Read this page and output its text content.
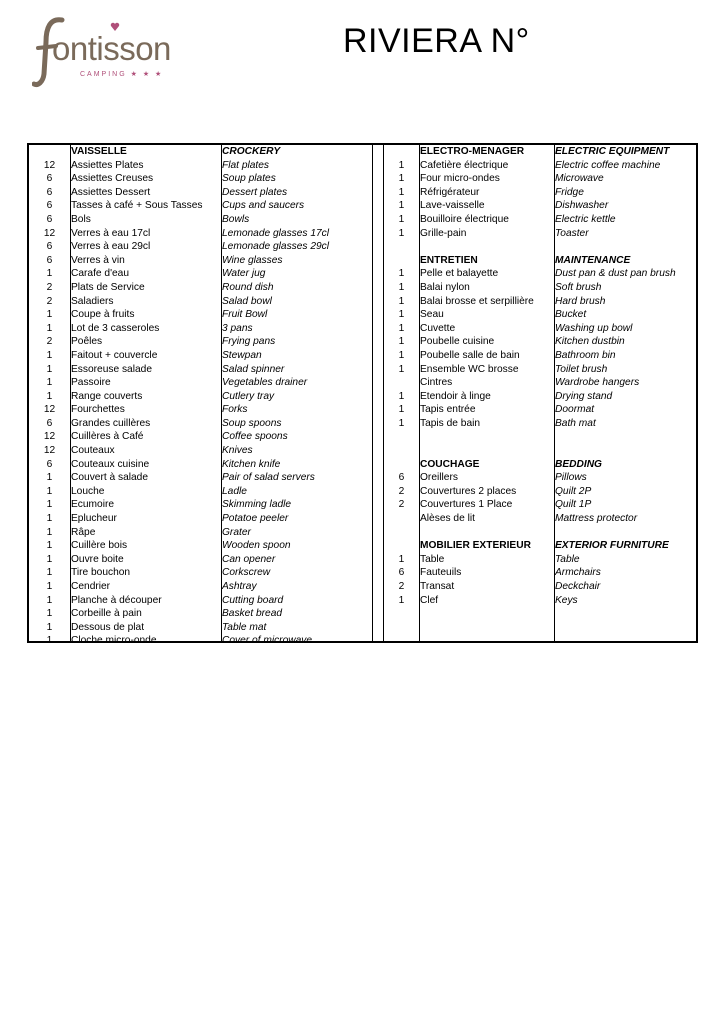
ontisson
CAMPING ★ ★ ★
RIVIERA N°
VAISSELLE	CROCKERY
12	Assiettes Plates	Flat plates
6	Assiettes Creuses	Soup plates
6	Assiettes Dessert	Dessert plates
6	Tasses à café + Sous Tasses	Cups and saucers
6	Bols	Bowls
12	Verres à eau 17cl	Lemonade glasses 17cl
6	Verres à eau 29cl	Lemonade glasses 29cl
6	Verres à vin	Wine glasses
1	Carafe d'eau	Water jug
2	Plats de Service	Round dish
2	Saladiers	Salad bowl
1	Coupe à fruits	Fruit Bowl
1	Lot de 3 casseroles	3 pans
2	Poêles	Frying pans
1	Faitout + couvercle	Stewpan
1	Essoreuse salade	Salad spinner
1	Passoire	Vegetables drainer
1	Range couverts	Cutlery tray
12	Fourchettes	Forks
6	Grandes cuillères	Soup spoons
12	Cuillères à Café	Coffee spoons
12	Couteaux	Knives
6	Couteaux cuisine	Kitchen knife
1	Couvert à salade	Pair of salad servers
1	Louche	Ladle
1	Ecumoire	Skimming ladle
1	Eplucheur	Potatoe peeler
1	Râpe	Grater
1	Cuillère bois	Wooden spoon
1	Ouvre boite	Can opener
1	Tire bouchon	Corkscrew
1	Cendrier	Ashtray
1	Planche à découper	Cutting board
1	Corbeille à pain	Basket bread
1	Dessous de plat	Table mat
1	Cloche micro-onde	Cover of microwave
ELECTRO-MENAGER	ELECTRIC EQUIPMENT
1	Cafetière électrique	Electric coffee machine
1	Four micro-ondes	Microwave
1	Réfrigérateur	Fridge
1	Lave-vaisselle	Dishwasher
1	Bouilloire électrique	Electric kettle
1	Grille-pain	Toaster
ENTRETIEN	MAINTENANCE
1	Pelle et balayette	Dust pan & dust pan brush
1	Balai nylon	Soft brush
1	Balai brosse et serpillière	Hard brush
1	Seau	Bucket
1	Cuvette	Washing up bowl
1	Poubelle cuisine	Kitchen dustbin
1	Poubelle salle de bain	Bathroom bin
1	Ensemble WC brosse	Toilet brush
Cintres	Wardrobe hangers
1	Etendoir à linge	Drying stand
1	Tapis entrée	Doormat
1	Tapis de bain	Bath mat
COUCHAGE	BEDDING
6	Oreillers	Pillows
2	Couvertures 2 places	Quilt 2P
2	Couvertures 1 Place	Quilt 1P
Alèses de lit	Mattress protector
MOBILIER EXTERIEUR	EXTERIOR FURNITURE
1	Table	Table
6	Fauteuils	Armchairs
2	Transat	Deckchair
1	Clef	Keys
